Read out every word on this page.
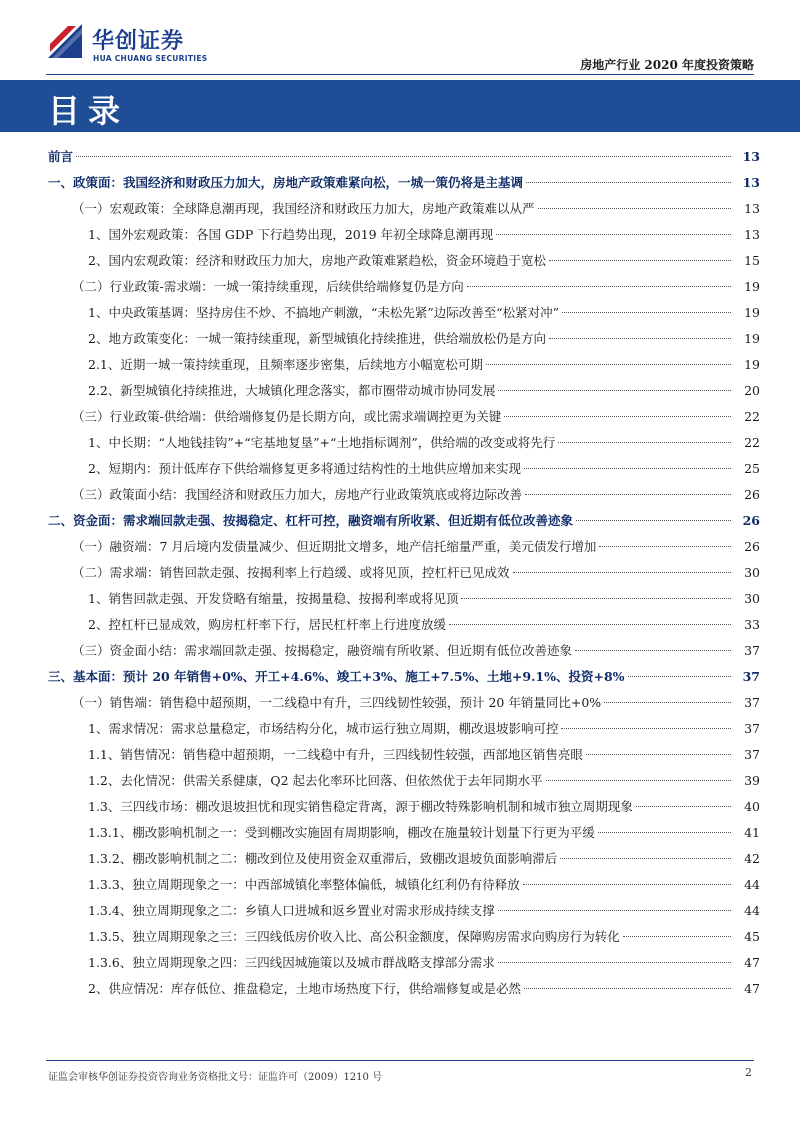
华创证券
HUA CHUANG SECURITIES	房地产行业 2020 年度投资策略
目录
前言	13
一、政策面：我国经济和财政压力加大，房地产政策难紧向松，一城一策仍将是主基调	13
（一）宏观政策：全球降息潮再现，我国经济和财政压力加大，房地产政策难以从严	13
1、国外宏观政策：各国 GDP 下行趋势出现，2019 年初全球降息潮再现	13
2、国内宏观政策：经济和财政压力加大，房地产政策难紧趋松，资金环境趋于宽松	15
（二）行业政策-需求端：一城一策持续重现，后续供给端修复仍是方向	19
1、中央政策基调：坚持房住不炒、不搞地产刺激，“未松先紧”边际改善至“松紧对冲”	19
2、地方政策变化：一城一策持续重现，新型城镇化持续推进，供给端放松仍是方向	19
2.1、近期一城一策持续重现，且频率逐步密集，后续地方小幅宽松可期	19
2.2、新型城镇化持续推进，大城镇化理念落实，都市圈带动城市协同发展	20
（三）行业政策-供给端：供给端修复仍是长期方向，或比需求端调控更为关键	22
1、中长期：“人地钱挂钩”+“宅基地复垦”+“土地指标调剂”，供给端的改变或将先行	22
2、短期内：预计低库存下供给端修复更多将通过结构性的土地供应增加来实现	25
（三）政策面小结：我国经济和财政压力加大，房地产行业政策筑底或将边际改善	26
二、资金面：需求端回款走强、按揭稳定、杠杆可控，融资端有所收紧、但近期有低位改善迹象	26
（一）融资端：7 月后境内发债量减少、但近期批文增多，地产信托缩量严重，美元债发行增加	26
（二）需求端：销售回款走强、按揭利率上行趋缓、或将见顶，控杠杆已见成效	30
1、销售回款走强、开发贷略有缩量，按揭量稳、按揭利率或将见顶	30
2、控杠杆已显成效，购房杠杆率下行，居民杠杆率上行进度放缓	33
（三）资金面小结：需求端回款走强、按揭稳定，融资端有所收紧、但近期有低位改善迹象	37
三、基本面：预计 20 年销售+0%、开工+4.6%、竣工+3%、施工+7.5%、土地+9.1%、投资+8%	37
（一）销售端：销售稳中超预期，一二线稳中有升，三四线韧性较强，预计 20 年销量同比+0%	37
1、需求情况：需求总量稳定，市场结构分化，城市运行独立周期，棚改退坡影响可控	37
1.1、销售情况：销售稳中超预期，一二线稳中有升，三四线韧性较强，西部地区销售亮眼	37
1.2、去化情况：供需关系健康，Q2 起去化率环比回落、但依然优于去年同期水平	39
1.3、三四线市场：棚改退坡担忧和现实销售稳定背离，源于棚改特殊影响机制和城市独立周期现象	40
1.3.1、棚改影响机制之一：受到棚改实施固有周期影响，棚改在施量较计划量下行更为平缓	41
1.3.2、棚改影响机制之二：棚改到位及使用资金双重滞后，致棚改退坡负面影响滞后	42
1.3.3、独立周期现象之一：中西部城镇化率整体偏低，城镇化红利仍有待释放	44
1.3.4、独立周期现象之二：乡镇人口进城和返乡置业对需求形成持续支撑	44
1.3.5、独立周期现象之三：三四线低房价收入比、高公积金额度，保障购房需求向购房行为转化	45
1.3.6、独立周期现象之四：三四线因城施策以及城市群战略支撑部分需求	47
2、供应情况：库存低位、推盘稳定，土地市场热度下行，供给端修复或是必然	47
证监会审核华创证券投资咨询业务资格批文号：证监许可（2009）1210 号	2
